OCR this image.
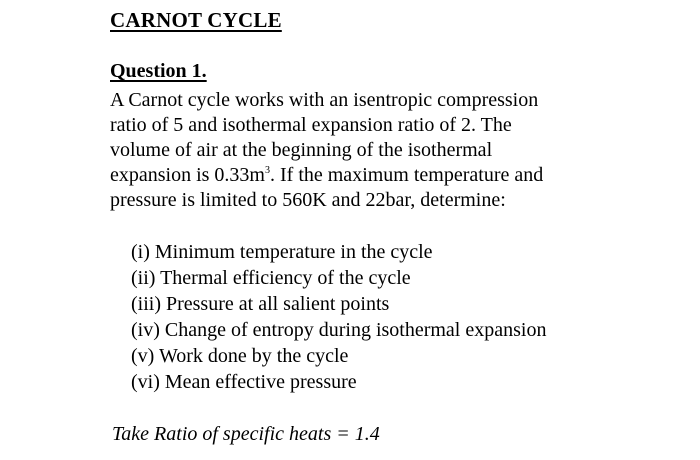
CARNOT CYCLE
Question 1.
A Carnot cycle works with an isentropic compression
ratio of 5 and isothermal expansion ratio of 2. The
volume of air at the beginning of the isothermal
expansion is $0.33m^3$. If the maximum temperature and
pressure is limited to 560K and 22bar, determine:
(i) Minimum temperature in the cycle
(ii) Thermal efficiency of the cycle
(iii) Pressure at all salient points
(iv) Change of entropy during isothermal expansion
(v) Work done by the cycle
(vi) Mean effective pressure
Take Ratio of specific heats = 1.4
